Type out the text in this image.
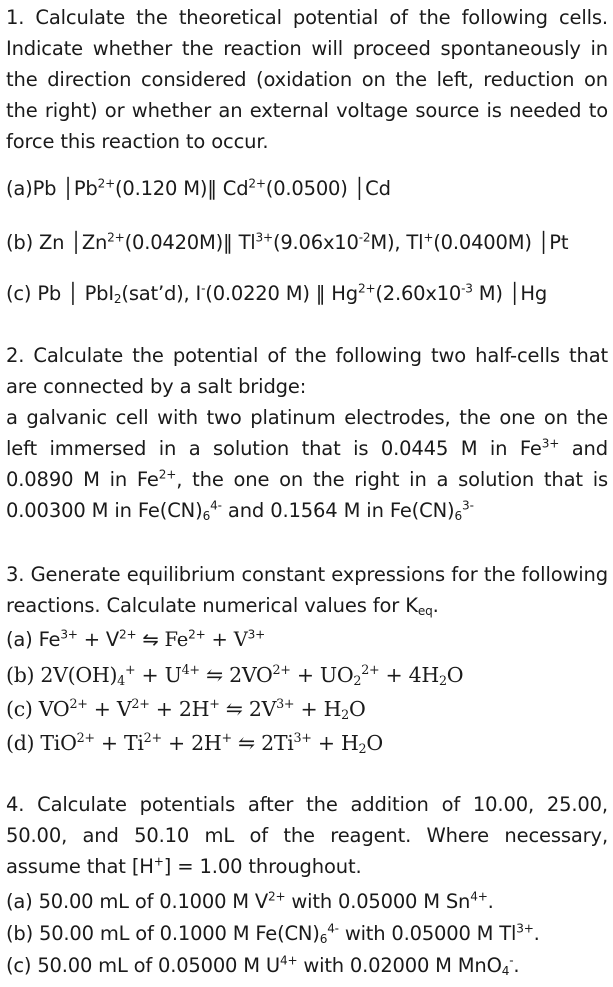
1. Calculate the theoretical potential of the following cells. Indicate whether the reaction will proceed spontaneously in the direction considered (oxidation on the left, reduction on the right) or whether an external voltage source is needed to force this reaction to occur.

(a)Pb $│Pb^{2+}(0.120$ M)‖ $Cd^{2+}(0.0500)$ │Cd
(b) Zn $│Zn^{2+}(0.0420M)‖$ $Tl^{3+}(9.06x10^{-2}M)$, Tl+(0.0400M) │Pt
(c) Pb │ PbI$_2$(sat’d), I-(0.0220 M) ‖ $Hg^{2+}(2.60x10^{-3}$ M) │Hg

2. Calculate the potential of the following two half-cells that are connected by a salt bridge:

a galvanic cell with two platinum electrodes, the one on the left immersed in a solution that is 0.0445 M in $Fe^{3+}$ and 0.0890 M in $Fe^{2+}$, the one on the right in a solution that is 0.00300 M in $Fe(CN)_6^{4-}$ and 0.1564 M in $Fe(CN)_6^{3-}$

3. Generate equilibrium constant expressions for the following reactions. Calculate numerical values for $K_{eq}$.

(a) $Fe^{3+} + V^{2+}$ ⇋ $Fe^{2+} + V^{3+}$
(b) $2V(OH)_4^+ + U^{4+}$ ⇋ $2VO^{2+} + UO_2^{2+} + 4H_2O$
(c) $VO^{2+} + V^{2+} + 2H^+$ ⇋ $2V^{3+} + H_2O$
(d) $TiO^{2+} + Ti^{2+} + 2H^+$ ⇋ $2Ti^{3+} + H_2O$

4. Calculate potentials after the addition of 10.00, 25.00, 50.00, and 50.10 mL of the reagent. Where necessary, assume that [H+] = 1.00 throughout.

(a) 50.00 mL of 0.1000 M $V^{2+}$ with 0.05000 M $Sn^{4+}$.
(b) 50.00 mL of 0.1000 M $Fe(CN)_6^{4-}$ with 0.05000 M $Tl^{3+}$.
(c) 50.00 mL of 0.05000 M $U^{4+}$ with 0.02000 M MnO$_4$-.
